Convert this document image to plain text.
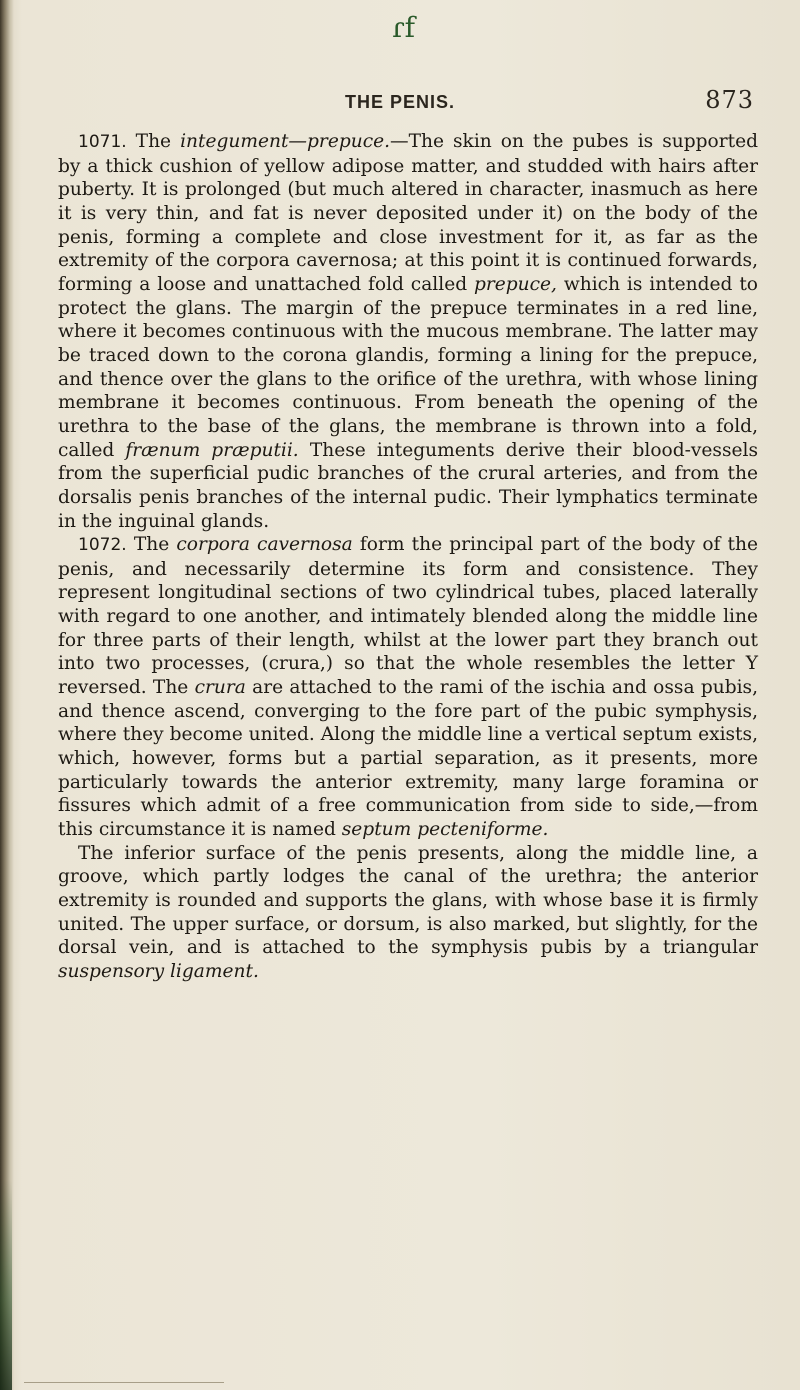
ɾf
THE PENIS.	873

1071. The integument—prepuce.—The skin on the pubes is supported by a thick cushion of yellow adipose matter, and studded with hairs after puberty. It is prolonged (but much altered in character, inasmuch as here it is very thin, and fat is never deposited under it) on the body of the penis, forming a complete and close investment for it, as far as the extremity of the corpora cavernosa; at this point it is continued forwards, forming a loose and unattached fold called prepuce, which is intended to protect the glans. The margin of the prepuce terminates in a red line, where it becomes continuous with the mucous membrane. The latter may be traced down to the corona glandis, forming a lining for the prepuce, and thence over the glans to the orifice of the urethra, with whose lining membrane it becomes continuous. From beneath the opening of the urethra to the base of the glans, the membrane is thrown into a fold, called frænum præputii. These integuments derive their blood-vessels from the superficial pudic branches of the crural arteries, and from the dorsalis penis branches of the internal pudic. Their lymphatics terminate in the inguinal glands.

1072. The corpora cavernosa form the principal part of the body of the penis, and necessarily determine its form and consistence. They represent longitudinal sections of two cylindrical tubes, placed laterally with regard to one another, and intimately blended along the middle line for three parts of their length, whilst at the lower part they branch out into two processes, (crura,) so that the whole resembles the letter Y reversed. The crura are attached to the rami of the ischia and ossa pubis, and thence ascend, converging to the fore part of the pubic symphysis, where they become united. Along the middle line a vertical septum exists, which, however, forms but a partial separation, as it presents, more particularly towards the anterior extremity, many large foramina or fissures which admit of a free communication from side to side,—from this circumstance it is named septum pecteniforme.

The inferior surface of the penis presents, along the middle line, a groove, which partly lodges the canal of the urethra; the anterior extremity is rounded and supports the glans, with whose base it is firmly united. The upper surface, or dorsum, is also marked, but slightly, for the dorsal vein, and is attached to the symphysis pubis by a triangular suspensory ligament.
